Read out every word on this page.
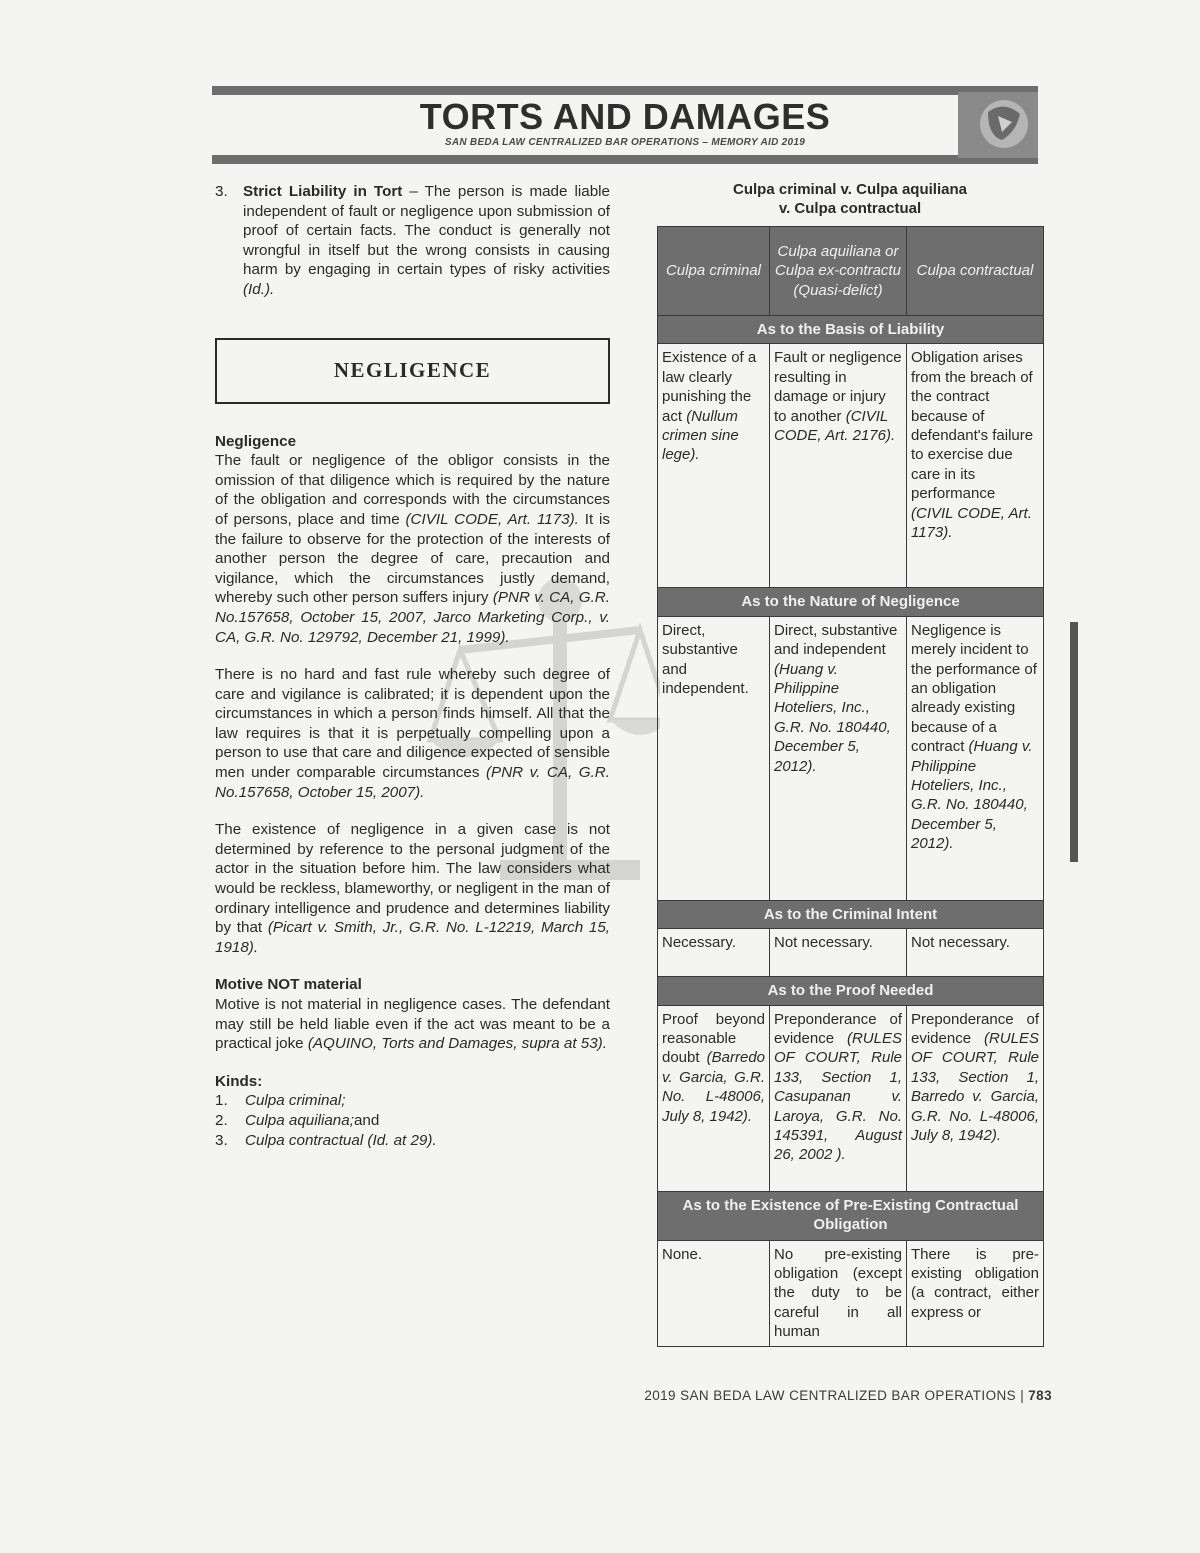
TORTS AND DAMAGES
SAN BEDA LAW CENTRALIZED BAR OPERATIONS – MEMORY AID 2019
3.	Strict Liability in Tort – The person is made liable independent of fault or negligence upon submission of proof of certain facts. The conduct is generally not wrongful in itself but the wrong consists in causing harm by engaging in certain types of risky activities (Id.).
NEGLIGENCE

Negligence

The fault or negligence of the obligor consists in the omission of that diligence which is required by the nature of the obligation and corresponds with the circumstances of persons, place and time (CIVIL CODE, Art. 1173). It is the failure to observe for the protection of the interests of another person the degree of care, precaution and vigilance, which the circumstances justly demand, whereby such other person suffers injury (PNR v. CA, G.R. No.157658, October 15, 2007, Jarco Marketing Corp., v. CA, G.R. No. 129792, December 21, 1999).

There is no hard and fast rule whereby such degree of care and vigilance is calibrated; it is dependent upon the circumstances in which a person finds himself. All that the law requires is that it is perpetually compelling upon a person to use that care and diligence expected of sensible men under comparable circumstances (PNR v. CA, G.R. No.157658, October 15, 2007).

The existence of negligence in a given case is not determined by reference to the personal judgment of the actor in the situation before him. The law considers what would be reckless, blameworthy, or negligent in the man of ordinary intelligence and prudence and determines liability by that (Picart v. Smith, Jr., G.R. No. L-12219, March 15, 1918).

Motive NOT material

Motive is not material in negligence cases. The defendant may still be held liable even if the act was meant to be a practical joke (AQUINO, Torts and Damages, supra at 53).

Kinds:

1.	Culpa criminal;
2.	Culpa aquiliana; and
3.	Culpa contractual (Id. at 29).
Culpa criminal v. Culpa aquiliana
v. Culpa contractual
Culpa criminal	Culpa aquiliana or Culpa ex-contractu (Quasi-delict)	Culpa contractual
As to the Basis of Liability		
Existence of a law clearly punishing the act (Nullum crimen sine lege).	Fault or negligence resulting in damage or injury to another (CIVIL CODE, Art. 2176).	Obligation arises from the breach of the contract because of defendant's failure to exercise due care in its performance (CIVIL CODE, Art. 1173).
As to the Nature of Negligence		
Direct, substantive and independent.	Direct, substantive and independent (Huang v. Philippine Hoteliers, Inc., G.R. No. 180440, December 5, 2012).	Negligence is merely incident to the performance of an obligation already existing because of a contract (Huang v. Philippine Hoteliers, Inc., G.R. No. 180440, December 5, 2012).
As to the Criminal Intent		
Necessary.	Not necessary.	Not necessary.
As to the Proof Needed		
Proof beyond reasonable doubt (Barredo v. Garcia, G.R. No. L-48006, July 8, 1942).	Preponderance of evidence (RULES OF COURT, Rule 133, Section 1, Casupanan v. Laroya, G.R. No. 145391, August 26, 2002 ).	Preponderance of evidence (RULES OF COURT, Rule 133, Section 1, Barredo v. Garcia, G.R. No. L-48006, July 8, 1942).
As to the Existence of Pre-Existing Contractual Obligation		
None.	No pre-existing obligation (except the duty to be careful in all human	There is pre-existing obligation (a contract, either express or
2019 SAN BEDA LAW CENTRALIZED BAR OPERATIONS | 783
